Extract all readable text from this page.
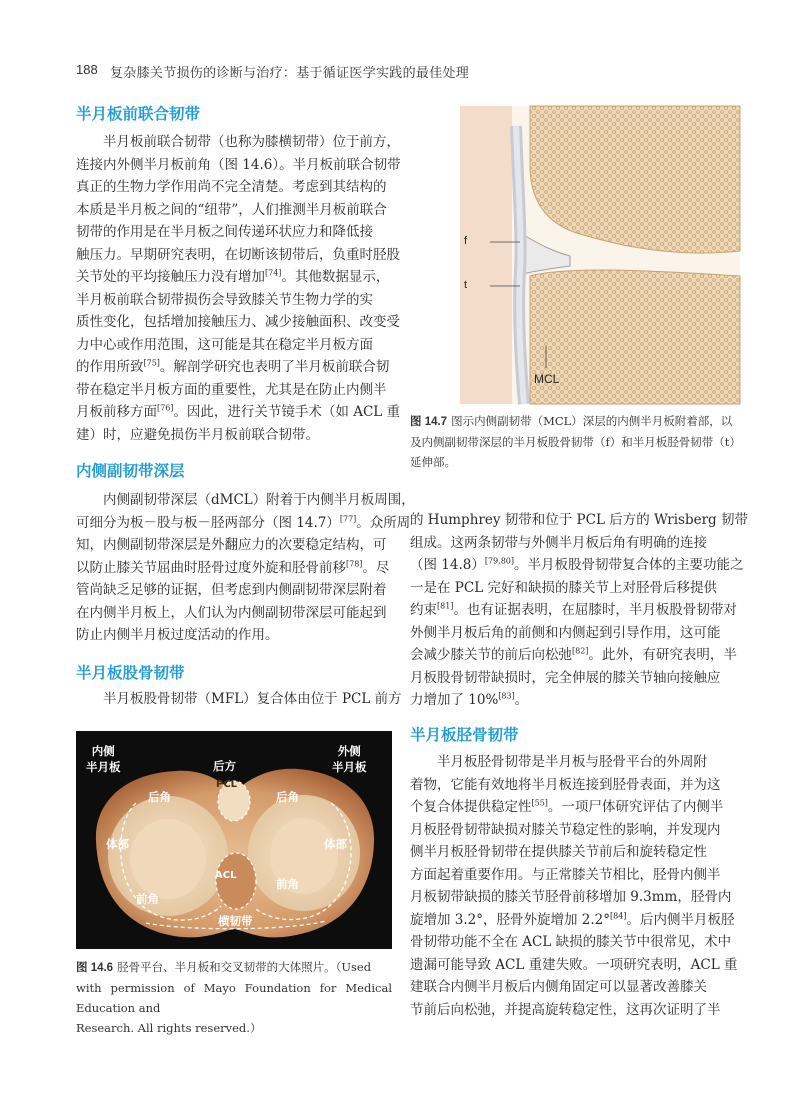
188 复杂膝关节损伤的诊断与治疗：基于循证医学实践的最佳处理
半月板前联合韧带
半月板前联合韧带（也称为膝横韧带）位于前方，
连接内外侧半月板前角（图 14.6）。半月板前联合韧带
真正的生物力学作用尚不完全清楚。考虑到其结构的
本质是半月板之间的“纽带”，人们推测半月板前联合
韧带的作用是在半月板之间传递环状应力和降低接
触压力。早期研究表明，在切断该韧带后，负重时胫股
关节处的平均接触压力没有增加[74]。其他数据显示，
半月板前联合韧带损伤会导致膝关节生物力学的实
质性变化，包括增加接触压力、减少接触面积、改变受
力中心或作用范围，这可能是其在稳定半月板方面
的作用所致[75]。解剖学研究也表明了半月板前联合韧
带在稳定半月板方面的重要性，尤其是在防止内侧半
月板前移方面[76]。因此，进行关节镜手术（如 ACL 重
建）时，应避免损伤半月板前联合韧带。
内侧副韧带深层
内侧副韧带深层（dMCL）附着于内侧半月板周围，
可细分为板－股与板－胫两部分（图 14.7）[77]。众所周
知，内侧副韧带深层是外翻应力的次要稳定结构，可
以防止膝关节屈曲时胫骨过度外旋和胫骨前移[78]。尽
管尚缺乏足够的证据，但考虑到内侧副韧带深层附着
在内侧半月板上，人们认为内侧副韧带深层可能起到
防止内侧半月板过度活动的作用。
半月板股骨韧带
半月板股骨韧带（MFL）复合体由位于 PCL 前方
内侧
半月板
外侧
半月板
后方
PCL
后角	后角
体部	体部
ACL
前角
前角
横韧带
图 14.6 胫骨平台、半月板和交叉韧带的大体照片。（Used
with permission of Mayo Foundation for Medical Education and
Research. All rights reserved.）
f
t
MCL
图 14.7 图示内侧副韧带（MCL）深层的内侧半月板附着部，以
及内侧副韧带深层的半月板股骨韧带（f）和半月板胫骨韧带（t）
延伸部。
的 Humphrey 韧带和位于 PCL 后方的 Wrisberg 韧带
组成。这两条韧带与外侧半月板后角有明确的连接
（图 14.8）[79,80]。半月板股骨韧带复合体的主要功能之
一是在 PCL 完好和缺损的膝关节上对胫骨后移提供
约束[81]。也有证据表明，在屈膝时，半月板股骨韧带对
外侧半月板后角的前侧和内侧起到引导作用，这可能
会减少膝关节的前后向松弛[82]。此外，有研究表明，半
月板股骨韧带缺损时，完全伸展的膝关节轴向接触应
力增加了 10%[83]。
半月板胫骨韧带
半月板胫骨韧带是半月板与胫骨平台的外周附
着物，它能有效地将半月板连接到胫骨表面，并为这
个复合体提供稳定性[55]。一项尸体研究评估了内侧半
月板胫骨韧带缺损对膝关节稳定性的影响，并发现内
侧半月板胫骨韧带在提供膝关节前后和旋转稳定性
方面起着重要作用。与正常膝关节相比，胫骨内侧半
月板韧带缺损的膝关节胫骨前移增加 9.3mm，胫骨内
旋增加 3.2°，胫骨外旋增加 2.2°[84]。后内侧半月板胫
骨韧带功能不全在 ACL 缺损的膝关节中很常见，术中
遗漏可能导致 ACL 重建失败。一项研究表明，ACL 重
建联合内侧半月板后内侧角固定可以显著改善膝关
节前后向松弛，并提高旋转稳定性，这再次证明了半
